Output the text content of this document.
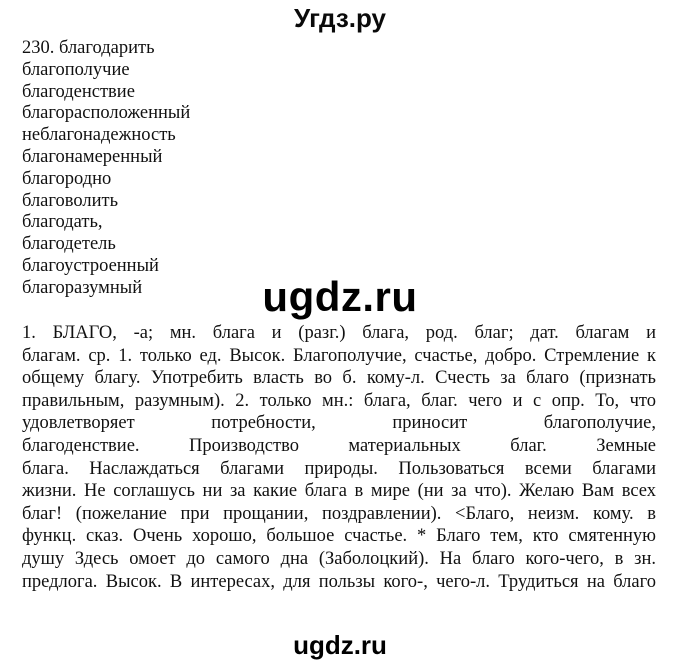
Угдз.ру
230. благодарить
благополучие
благоденствие
благорасположенный
неблагонадежность
благонамеренный
благородно
благоволить
благодать,
благодетель
благоустроенный
благоразумный	ugdz.ru
1. БЛАГО, -а; мн. блага и (разг.) блага, род. благ; дат. благам и
благам. ср. 1. только ед. Высок. Благополучие, счастье, добро. Стремление к
общему благу. Употребить власть во б. кому-л. Счесть за благо (признать
правильным, разумным). 2. только мн.: блага, благ. чего и с опр. То, что
удовлетворяет потребности, приносит благополучие,
благоденствие. Производство материальных благ. Земные
блага. Наслаждаться благами природы. Пользоваться всеми благами
жизни. Не соглашусь ни за какие блага в мире (ни за что). Желаю Вам всех
благ! (пожелание при прощании, поздравлении). <Благо, неизм. кому. в
функц. сказ. Очень хорошо, большое счастье. * Благо тем, кто смятенную
душу Здесь омоет до самого дна (Заболоцкий). На благо кого-чего, в зн.
предлога. Высок. В интересах, для пользы кого-, чего-л. Трудиться на благо
ugdz.ru
